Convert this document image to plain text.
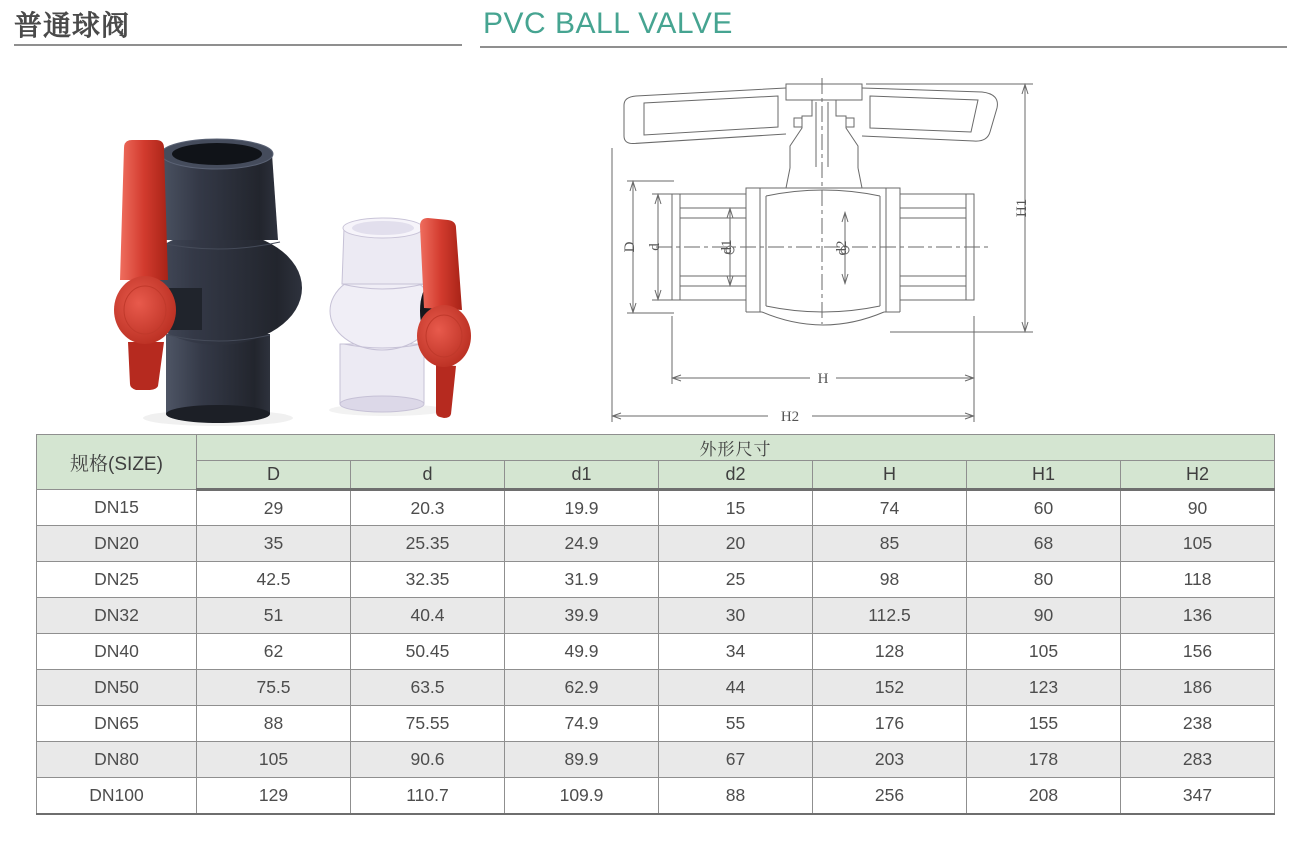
普通球阀	PVC BALL VALVE
D d	d1	d2
H1
H
H2
规格(SIZE)	外形尺寸						
	D	d	d1	d2	H	H1	H2
DN15	29	20.3	19.9	15	74	60	90
DN20	35	25.35	24.9	20	85	68	105
DN25	42.5	32.35	31.9	25	98	80	118
DN32	51	40.4	39.9	30	112.5	90	136
DN40	62	50.45	49.9	34	128	105	156
DN50	75.5	63.5	62.9	44	152	123	186
DN65	88	75.55	74.9	55	176	155	238
DN80	105	90.6	89.9	67	203	178	283
DN100	129	110.7	109.9	88	256	208	347
